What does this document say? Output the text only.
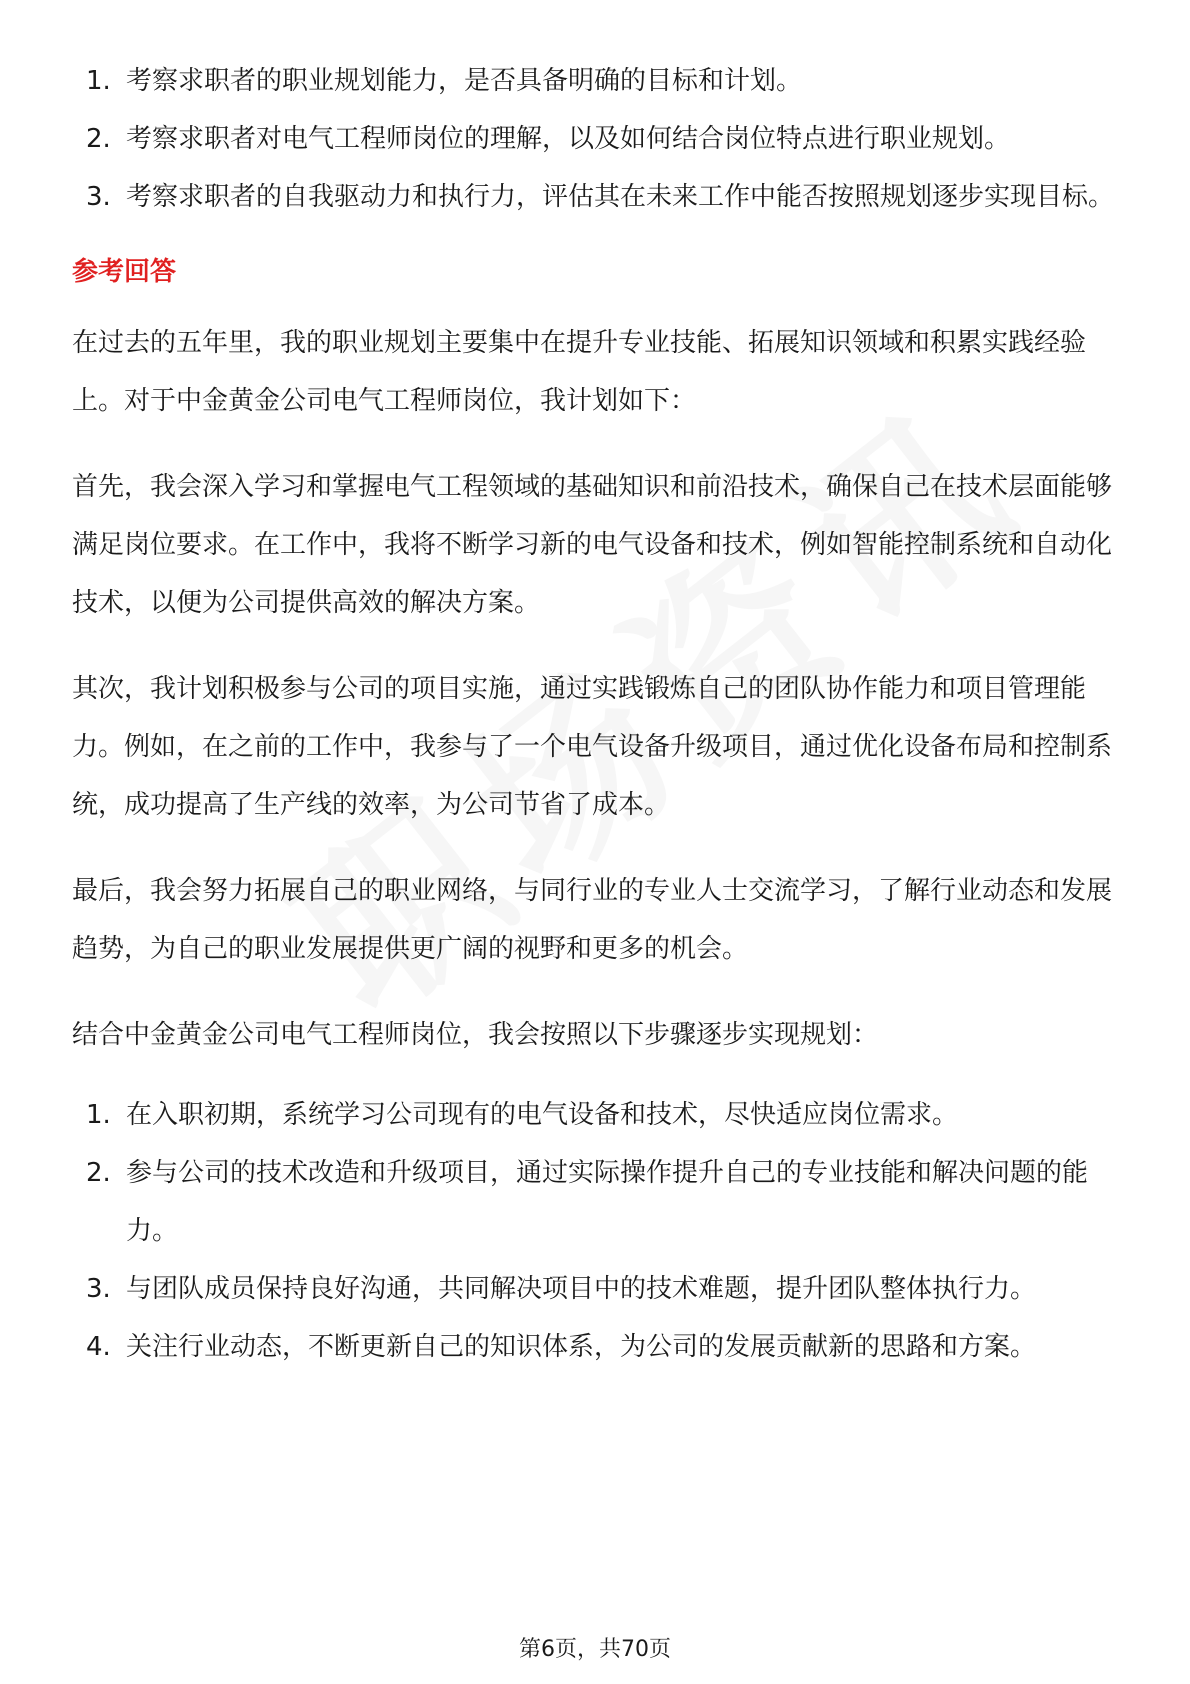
1. 考察求职者的职业规划能力，是否具备明确的目标和计划。
2. 考察求职者对电气工程师岗位的理解，以及如何结合岗位特点进行职业规划。
3. 考察求职者的自我驱动力和执行力，评估其在未来工作中能否按照规划逐步实现目标。
参考回答

在过去的五年里，我的职业规划主要集中在提升专业技能、拓展知识领域和积累实践经验上。对于中金黄金公司电气工程师岗位，我计划如下：

首先，我会深入学习和掌握电气工程领域的基础知识和前沿技术，确保自己在技术层面能够满足岗位要求。在工作中，我将不断学习新的电气设备和技术，例如智能控制系统和自动化技术，以便为公司提供高效的解决方案。

其次，我计划积极参与公司的项目实施，通过实践锻炼自己的团队协作能力和项目管理能力。例如，在之前的工作中，我参与了一个电气设备升级项目，通过优化设备布局和控制系统，成功提高了生产线的效率，为公司节省了成本。

最后，我会努力拓展自己的职业网络，与同行业的专业人士交流学习，了解行业动态和发展趋势，为自己的职业发展提供更广阔的视野和更多的机会。

结合中金黄金公司电气工程师岗位，我会按照以下步骤逐步实现规划：

1. 在入职初期，系统学习公司现有的电气设备和技术，尽快适应岗位需求。
2. 参与公司的技术改造和升级项目，通过实际操作提升自己的专业技能和解决问题的能力。
3. 与团队成员保持良好沟通，共同解决项目中的技术难题，提升团队整体执行力。
4. 关注行业动态，不断更新自己的知识体系，为公司的发展贡献新的思路和方案。
第6页，共70页
